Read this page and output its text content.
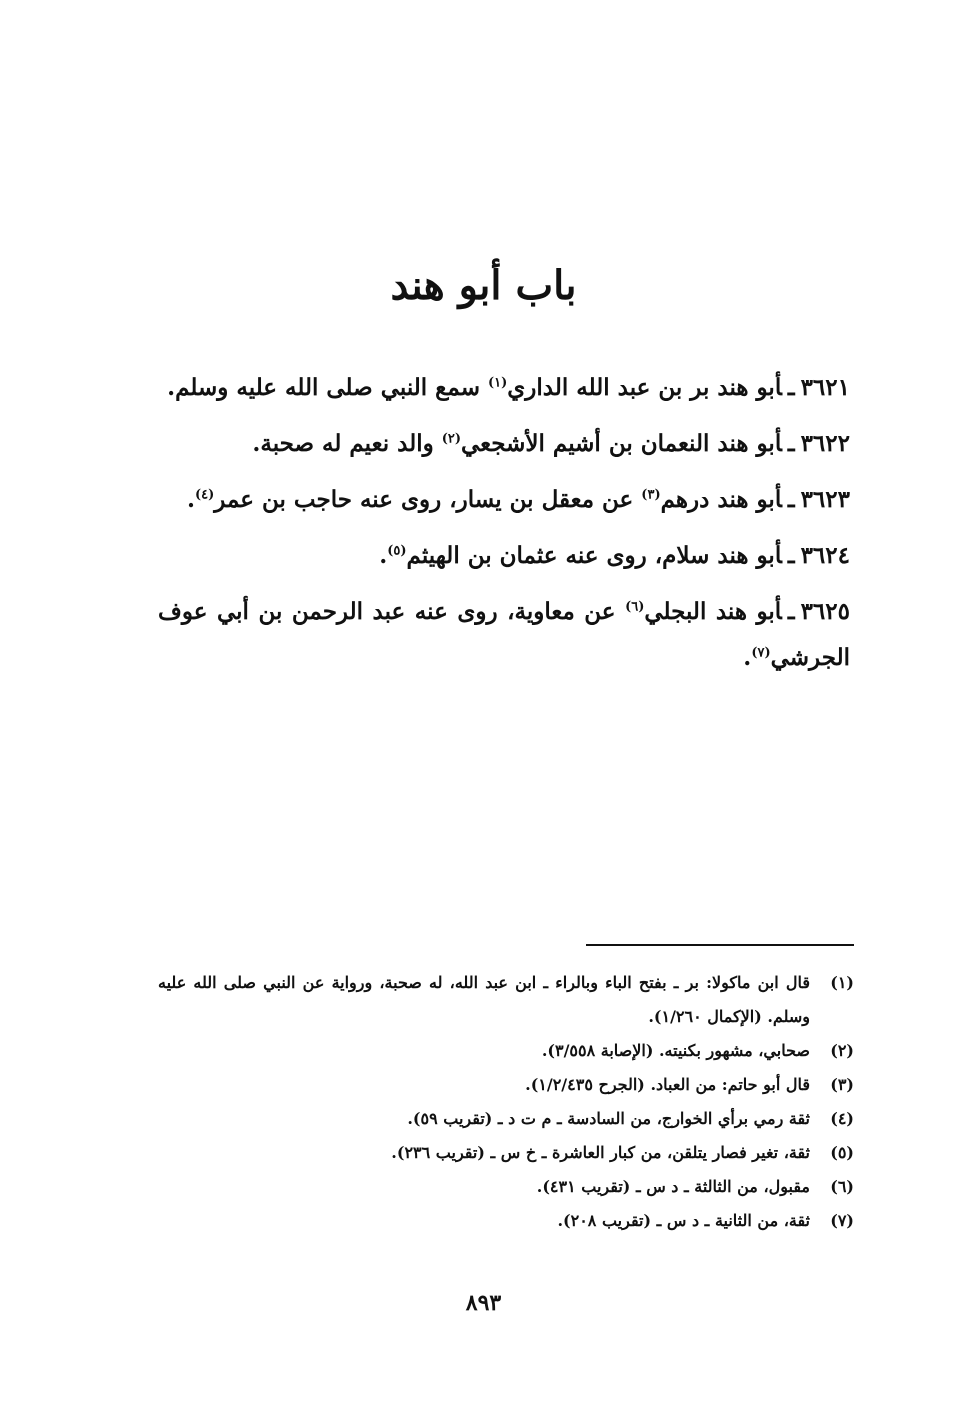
باب أبو هند
٣٦٢١ـأبو هند بر بن عبد الله الداري$^{(١)}$ سمع النبي صلى الله عليه وسلم.
٣٦٢٢ـأبو هند النعمان بن أشيم الأشجعي$^{(٢)}$ والد نعيم له صحبة.
٣٦٢٣ـأبو هند درهم$^{(٣)}$ عن معقل بن يسار، روى عنه حاجب بن عمر$^{(٤)}$.
٣٦٢٤ـأبو هند سلام، روى عنه عثمان بن الهيثم$^{(٥)}$.
٣٦٢٥ـأبو هند البجلي$^{(٦)}$ عن معاوية، روى عنه عبد الرحمن بن أبي عوف الجرشي$^{(٧)}$.
(١)
قال ابن ماكولا: بر ـ بفتح الباء وبالراء ـ ابن عبد الله، له صحبة، ورواية عن النبي صلى الله عليه وسلم. (الإكمال ١/٢٦٠).
(٢)
صحابي، مشهور بكنيته. (الإصابة ٣/٥٥٨).
(٣)
قال أبو حاتم: من العباد. (الجرح ١/٢/٤٣٥).
(٤)
ثقة رمي برأي الخوارج، من السادسة ـ م ت د ـ (تقريب ٥٩).
(٥)
ثقة، تغير فصار يتلقن، من كبار العاشرة ـ خ س ـ (تقريب ٢٣٦).
(٦)
مقبول، من الثالثة ـ د س ـ (تقريب ٤٣١).
(٧)
ثقة، من الثانية ـ د س ـ (تقريب ٢٠٨).
٨٩٣
